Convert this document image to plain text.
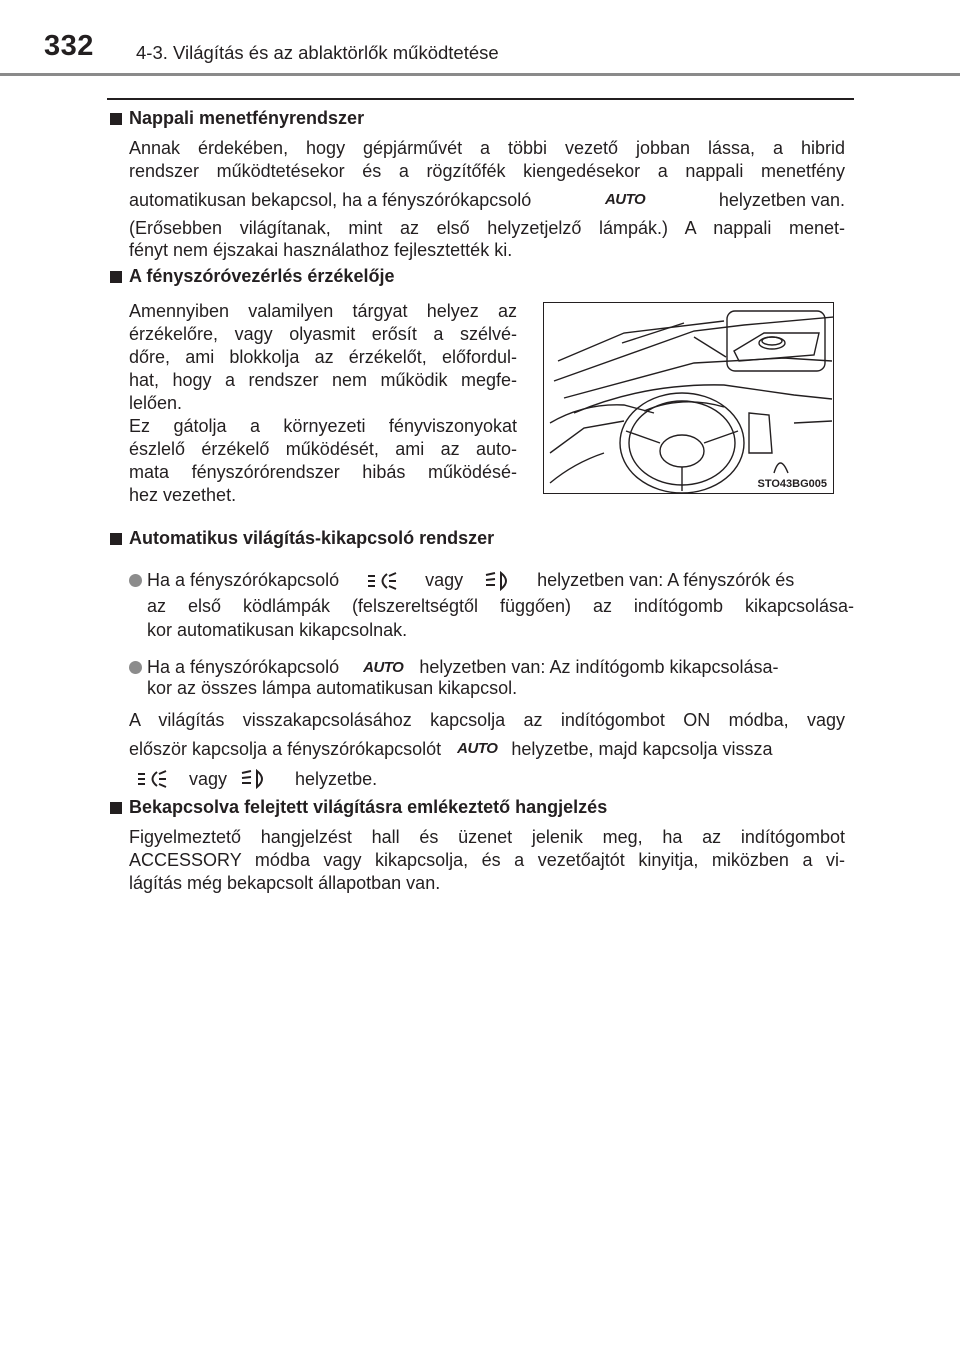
332 4-3. Világítás és az ablaktörlők működtetése
Nappali menetfényrendszer
Annak érdekében, hogy gépjárművét a többi vezető jobban lássa, a hibrid
rendszer működtetésekor és a rögzítőfék kiengedésekor a nappali menetfény
automatikusan bekapcsol, ha a fényszórókapcsoló	AUTO	helyzetben van.
(Erősebben világítanak, mint az első helyzetjelző lámpák.) A nappali menet-
fényt nem éjszakai használathoz fejlesztették ki.
A fényszóróvezérlés érzékelője
Amennyiben valamilyen tárgyat helyez az
érzékelőre, vagy olyasmit erősít a szélvé-
dőre, ami blokkolja az érzékelőt, előfordul-
hat, hogy a rendszer nem működik megfe-
lelően.
Ez gátolja a környezeti fényviszonyokat
észlelő érzékelő működését, ami az auto-
mata fényszórórendszer hibás működésé-
hez vezethet.
STO43BG005
Automatikus világítás-kikapcsoló rendszer
Ha a fényszórókapcsoló	vagy	helyzetben van: A fényszórók és
az első ködlámpák (felszereltségtől függően) az indítógomb kikapcsolása-
kor automatikusan kikapcsolnak.
Ha a fényszórókapcsoló AUTO helyzetben van: Az indítógomb kikapcsolása-
kor az összes lámpa automatikusan kikapcsol.
A világítás visszakapcsolásához kapcsolja az indítógombot ON módba, vagy
először kapcsolja a fényszórókapcsolót AUTO helyzetbe, majd kapcsolja vissza
vagy	helyzetbe.
Bekapcsolva felejtett világításra emlékeztető hangjelzés
Figyelmeztető hangjelzést hall és üzenet jelenik meg, ha az indítógombot
ACCESSORY módba vagy kikapcsolja, és a vezetőajtót kinyitja, miközben a vi-
lágítás még bekapcsolt állapotban van.
